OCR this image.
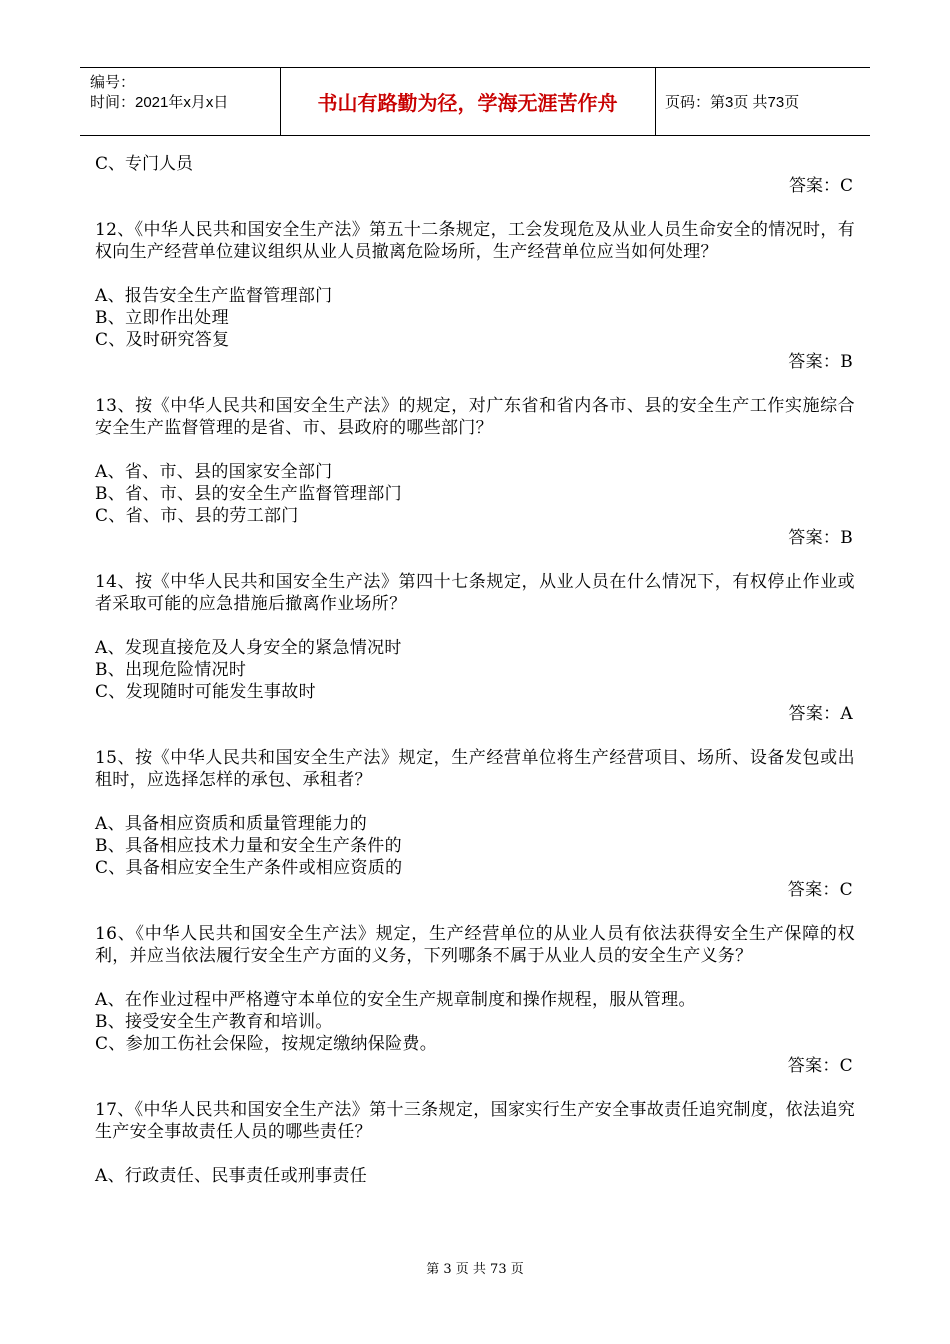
编号：
时间：2021年x月x日	书山有路勤为径，学海无涯苦作舟	页码：第3页 共73页
C、专门人员
答案：C
12、《中华人民共和国安全生产法》第五十二条规定，工会发现危及从业人员生命安全的情况时，有权向生产经营单位建议组织从业人员撤离危险场所，生产经营单位应当如何处理？
A、报告安全生产监督管理部门
B、立即作出处理
C、及时研究答复
答案：B
13、按《中华人民共和国安全生产法》的规定，对广东省和省内各市、县的安全生产工作实施综合安全生产监督管理的是省、市、县政府的哪些部门？
A、省、市、县的国家安全部门
B、省、市、县的安全生产监督管理部门
C、省、市、县的劳工部门
答案：B
14、按《中华人民共和国安全生产法》第四十七条规定，从业人员在什么情况下，有权停止作业或者采取可能的应急措施后撤离作业场所？
A、发现直接危及人身安全的紧急情况时
B、出现危险情况时
C、发现随时可能发生事故时
答案：A
15、按《中华人民共和国安全生产法》规定，生产经营单位将生产经营项目、场所、设备发包或出租时，应选择怎样的承包、承租者？
A、具备相应资质和质量管理能力的
B、具备相应技术力量和安全生产条件的
C、具备相应安全生产条件或相应资质的
答案：C
16、《中华人民共和国安全生产法》规定，生产经营单位的从业人员有依法获得安全生产保障的权利，并应当依法履行安全生产方面的义务，下列哪条不属于从业人员的安全生产义务？
A、在作业过程中严格遵守本单位的安全生产规章制度和操作规程，服从管理。
B、接受安全生产教育和培训。
C、参加工伤社会保险，按规定缴纳保险费。
答案：C
17、《中华人民共和国安全生产法》第十三条规定，国家实行生产安全事故责任追究制度，依法追究生产安全事故责任人员的哪些责任？
A、行政责任、民事责任或刑事责任
第 3 页 共 73 页
